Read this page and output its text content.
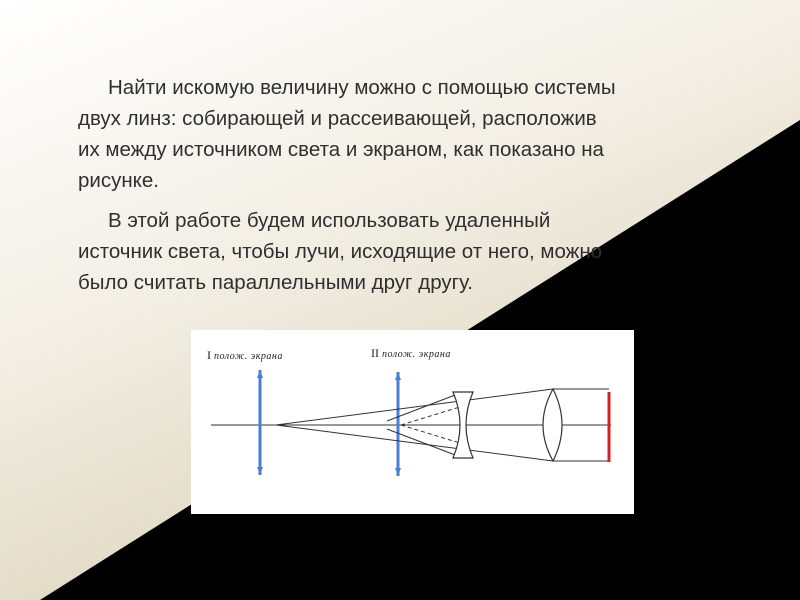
Найти искомую величину можно с помощью системы
двух линз: собирающей и рассеивающей, расположив
их между источником света и экраном, как показано на
рисунке.

В этой работе будем использовать удаленный
источник света, чтобы лучи, исходящие от него, можно
было считать параллельными друг другу.

I полож. экрана	II полож. экрана
